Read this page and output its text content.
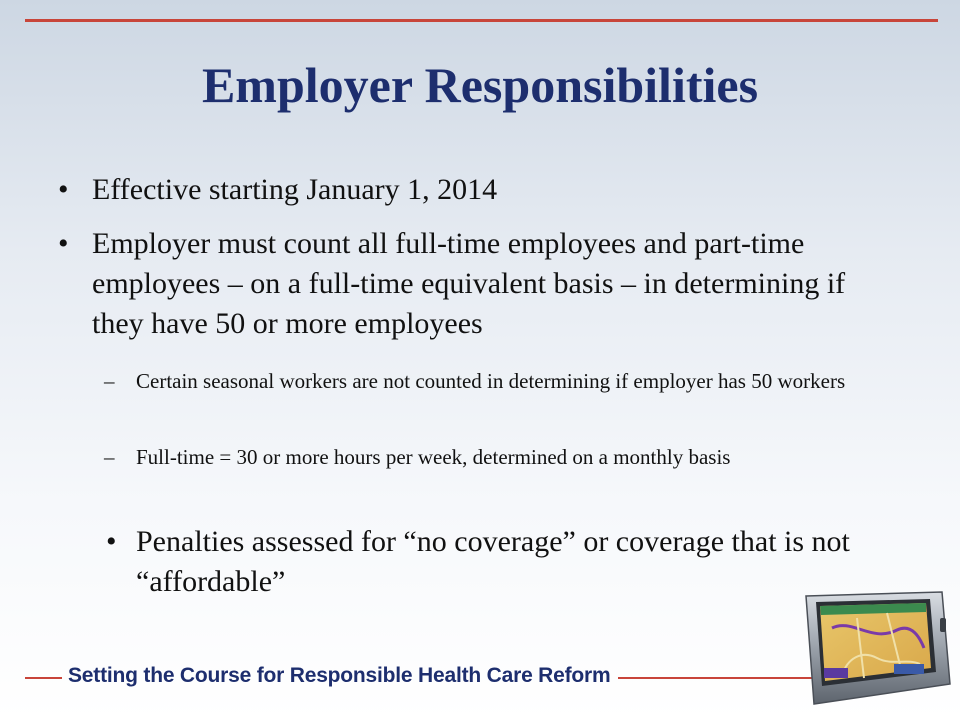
Employer Responsibilities
• Effective starting January 1, 2014
• Employer must count all full-time employees and part-time employees – on a full-time equivalent basis – in determining if they have 50 or more employees
– Certain seasonal workers are not counted in determining if employer has 50 workers
– Full-time = 30 or more hours per week, determined on a monthly basis
• Penalties assessed for “no coverage” or coverage that is not “affordable”
Setting the Course for Responsible Health Care Reform
